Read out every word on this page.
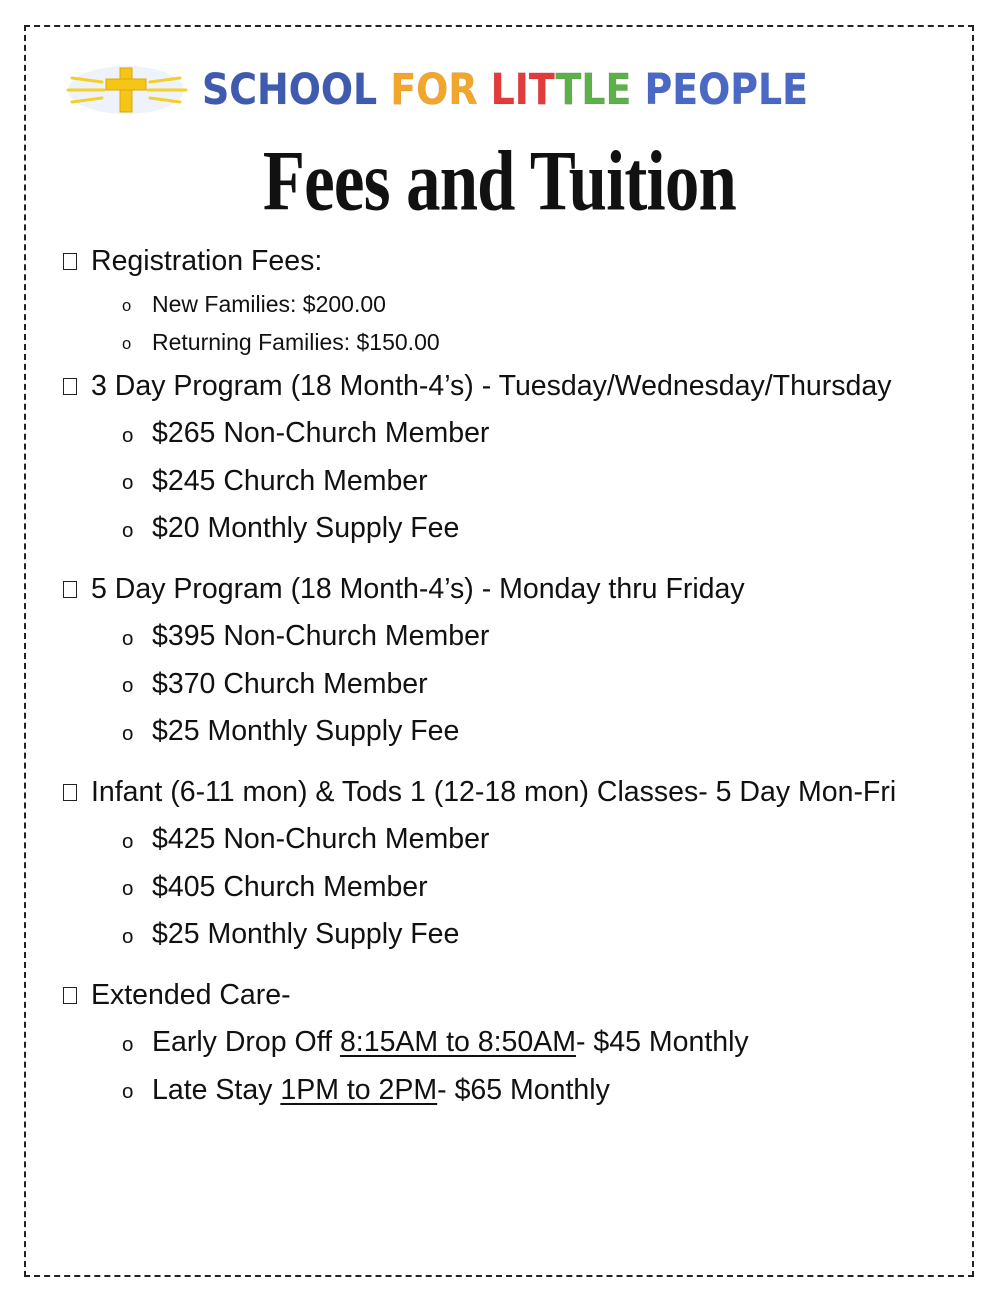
SCHOOL FOR LITTLE PEOPLE
Fees and Tuition
Registration Fees:
o New Families: $200.00
o Returning Families: $150.00
3 Day Program (18 Month-4’s) - Tuesday/Wednesday/Thursday
o $265 Non-Church Member
o $245 Church Member
o $20 Monthly Supply Fee
5 Day Program (18 Month-4’s) - Monday thru Friday
o $395 Non-Church Member
o $370 Church Member
o $25 Monthly Supply Fee
Infant (6-11 mon) & Tods 1 (12-18 mon) Classes- 5 Day Mon-Fri
o $425 Non-Church Member
o $405 Church Member
o $25 Monthly Supply Fee
Extended Care-
o Early Drop Off 8:15AM to 8:50AM - $45 Monthly
o Late Stay 1PM to 2PM - $65 Monthly
